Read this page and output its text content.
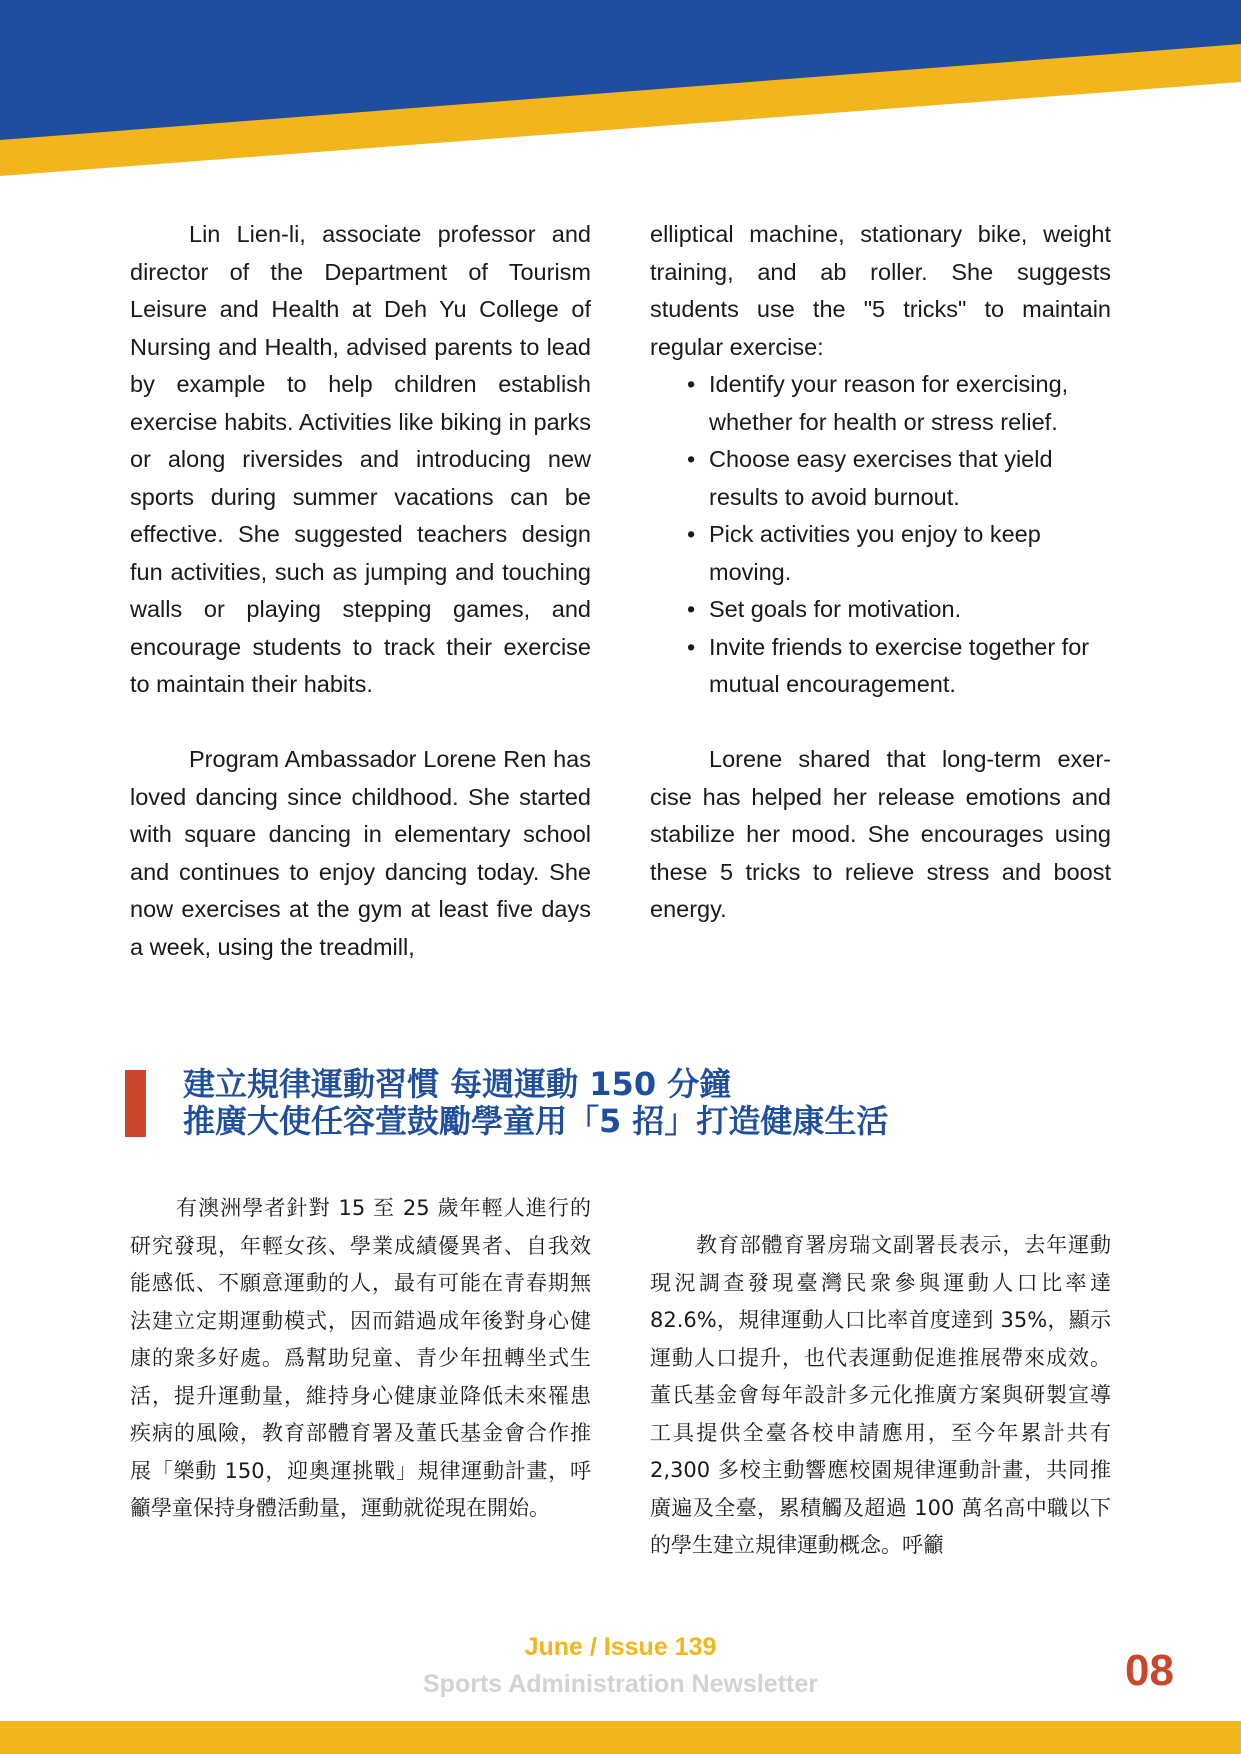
Lin Lien-li, associate professor and director of the Department of Tourism Leisure and Health at Deh Yu College of Nursing and Health, advised parents to lead by example to help children establish exercise habits. Activities like biking in parks or along riversides and introducing new sports during summer vacations can be effective. She suggested teachers design fun activities, such as jumping and touching walls or playing stepping games, and encourage students to track their exercise to maintain their habits.

Program Ambassador Lorene Ren has loved dancing since childhood. She started with square dancing in elementary school and continues to enjoy dancing today. She now exercises at the gym at least five days a week, using the treadmill,

elliptical machine, stationary bike, weight training, and ab roller. She suggests students use the "5 tricks" to maintain regular exercise:

• Identify your reason for exercising, whether for health or stress relief.
• Choose easy exercises that yield results to avoid burnout.
• Pick activities you enjoy to keep moving.
• Set goals for motivation.
• Invite friends to exercise together for mutual encouragement.

Lorene shared that long-term exer-cise has helped her release emotions and stabilize her mood. She encourages using these 5 tricks to relieve stress and boost energy.

建立規律運動習慣 每週運動 150 分鐘
推廣大使任容萱鼓勵學童用「5 招」打造健康生活

有澳洲學者針對 15 至 25 歲年輕人進行的研究發現，年輕女孩、學業成績優異者、自我效能感低、不願意運動的人，最有可能在青春期無法建立定期運動模式，因而錯過成年後對身心健康的衆多好處。爲幫助兒童、青少年扭轉坐式生活，提升運動量，維持身心健康並降低未來罹患疾病的風險，教育部體育署及董氏基金會合作推展「樂動 150，迎奧運挑戰」規律運動計畫，呼籲學童保持身體活動量，運動就從現在開始。

教育部體育署房瑞文副署長表示，去年運動現況調查發現臺灣民衆參與運動人口比率達 82.6%，規律運動人口比率首度達到 35%，顯示運動人口提升，也代表運動促進推展帶來成效。董氏基金會每年設計多元化推廣方案與研製宣導工具提供全臺各校申請應用，至今年累計共有 2,300 多校主動響應校園規律運動計畫，共同推廣遍及全臺，累積觸及超過 100 萬名高中職以下的學生建立規律運動概念。呼籲

June / Issue 139
Sports Administration Newsletter	08
